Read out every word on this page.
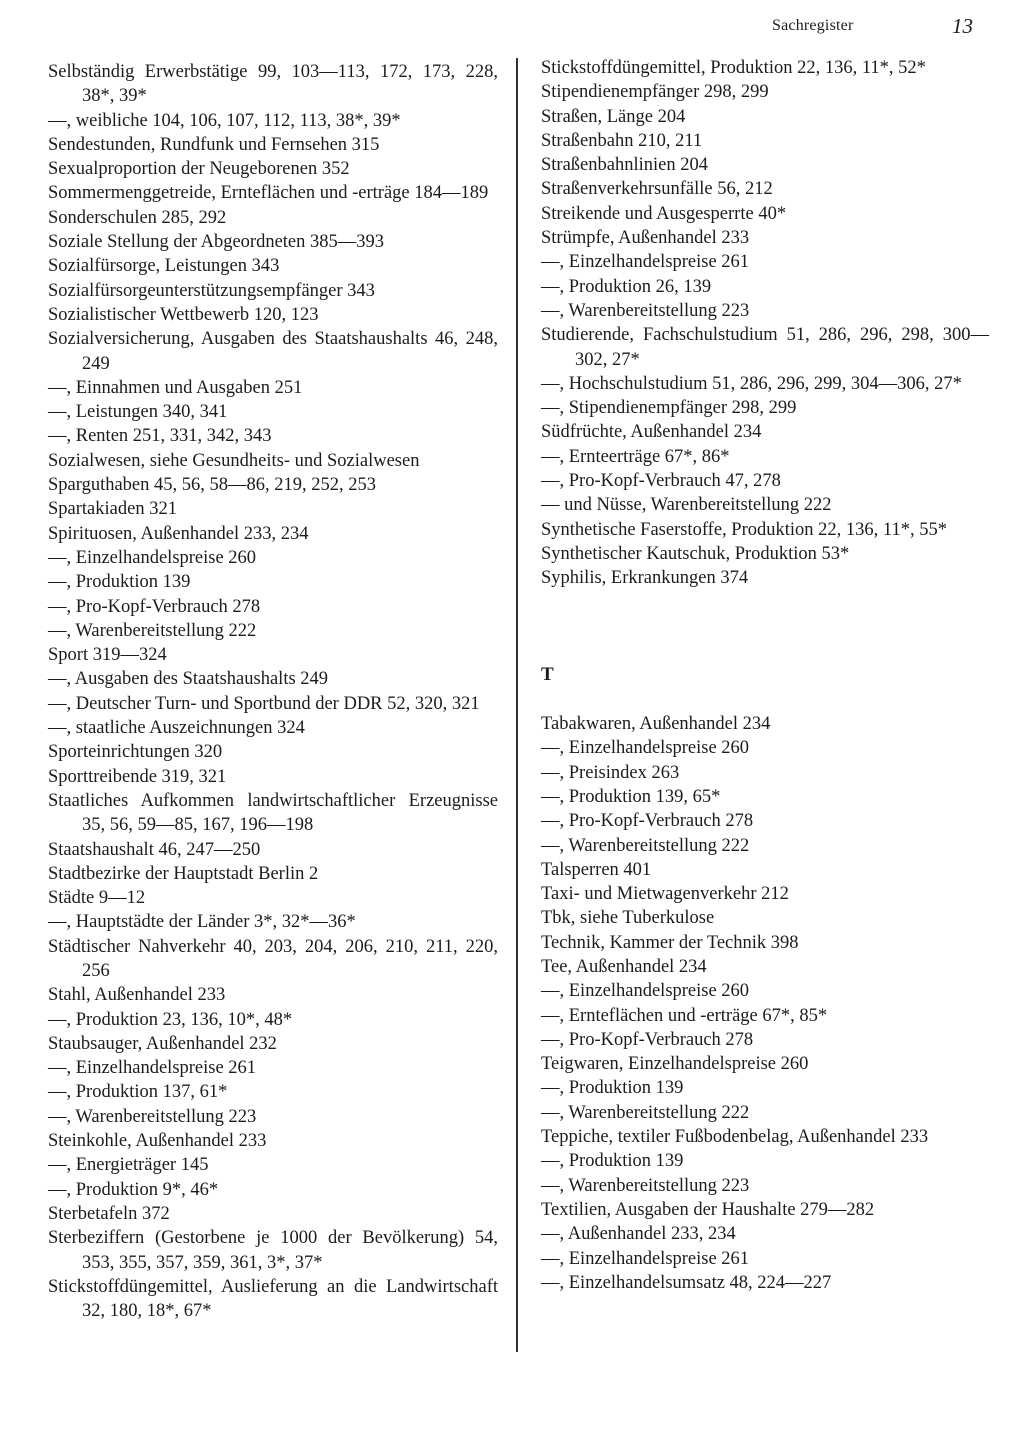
Sachregister	13
Selbständig Erwerbstätige 99, 103—113, 172, 173, 228, 38*, 39*
—, weibliche 104, 106, 107, 112, 113, 38*, 39*
Sendestunden, Rundfunk und Fernsehen 315
Sexualproportion der Neugeborenen 352
Sommermenggetreide, Ernteflächen und -erträge 184—189
Sonderschulen 285, 292
Soziale Stellung der Abgeordneten 385—393
Sozialfürsorge, Leistungen 343
Sozialfürsorgeunterstützungsempfänger 343
Sozialistischer Wettbewerb 120, 123
Sozialversicherung, Ausgaben des Staatshaushalts 46, 248, 249
—, Einnahmen und Ausgaben 251
—, Leistungen 340, 341
—, Renten 251, 331, 342, 343
Sozialwesen, siehe Gesundheits- und Sozialwesen
Sparguthaben 45, 56, 58—86, 219, 252, 253
Spartakiaden 321
Spirituosen, Außenhandel 233, 234
—, Einzelhandelspreise 260
—, Produktion 139
—, Pro-Kopf-Verbrauch 278
—, Warenbereitstellung 222
Sport 319—324
—, Ausgaben des Staatshaushalts 249
—, Deutscher Turn- und Sportbund der DDR 52, 320, 321
—, staatliche Auszeichnungen 324
Sporteinrichtungen 320
Sporttreibende 319, 321
Staatliches Aufkommen landwirtschaftlicher Erzeugnisse 35, 56, 59—85, 167, 196—198
Staatshaushalt 46, 247—250
Stadtbezirke der Hauptstadt Berlin 2
Städte 9—12
—, Hauptstädte der Länder 3*, 32*—36*
Städtischer Nahverkehr 40, 203, 204, 206, 210, 211, 220, 256
Stahl, Außenhandel 233
—, Produktion 23, 136, 10*, 48*
Staubsauger, Außenhandel 232
—, Einzelhandelspreise 261
—, Produktion 137, 61*
—, Warenbereitstellung 223
Steinkohle, Außenhandel 233
—, Energieträger 145
—, Produktion 9*, 46*
Sterbetafeln 372
Sterbeziffern (Gestorbene je 1000 der Bevölkerung) 54, 353, 355, 357, 359, 361, 3*, 37*
Stickstoffdüngemittel, Auslieferung an die Landwirtschaft 32, 180, 18*, 67*
Stickstoffdüngemittel, Produktion 22, 136, 11*, 52*
Stipendienempfänger 298, 299
Straßen, Länge 204
Straßenbahn 210, 211
Straßenbahnlinien 204
Straßenverkehrsunfälle 56, 212
Streikende und Ausgesperrte 40*
Strümpfe, Außenhandel 233
—, Einzelhandelspreise 261
—, Produktion 26, 139
—, Warenbereitstellung 223
Studierende, Fachschulstudium 51, 286, 296, 298, 300—302, 27*
—, Hochschulstudium 51, 286, 296, 299, 304—306, 27*
—, Stipendienempfänger 298, 299
Südfrüchte, Außenhandel 234
—, Ernteerträge 67*, 86*
—, Pro-Kopf-Verbrauch 47, 278
— und Nüsse, Warenbereitstellung 222
Synthetische Faserstoffe, Produktion 22, 136, 11*, 55*
Synthetischer Kautschuk, Produktion 53*
Syphilis, Erkrankungen 374
T
Tabakwaren, Außenhandel 234
—, Einzelhandelspreise 260
—, Preisindex 263
—, Produktion 139, 65*
—, Pro-Kopf-Verbrauch 278
—, Warenbereitstellung 222
Talsperren 401
Taxi- und Mietwagenverkehr 212
Tbk, siehe Tuberkulose
Technik, Kammer der Technik 398
Tee, Außenhandel 234
—, Einzelhandelspreise 260
—, Ernteflächen und -erträge 67*, 85*
—, Pro-Kopf-Verbrauch 278
Teigwaren, Einzelhandelspreise 260
—, Produktion 139
—, Warenbereitstellung 222
Teppiche, textiler Fußbodenbelag, Außenhandel 233
—, Produktion 139
—, Warenbereitstellung 223
Textilien, Ausgaben der Haushalte 279—282
—, Außenhandel 233, 234
—, Einzelhandelspreise 261
—, Einzelhandelsumsatz 48, 224—227
